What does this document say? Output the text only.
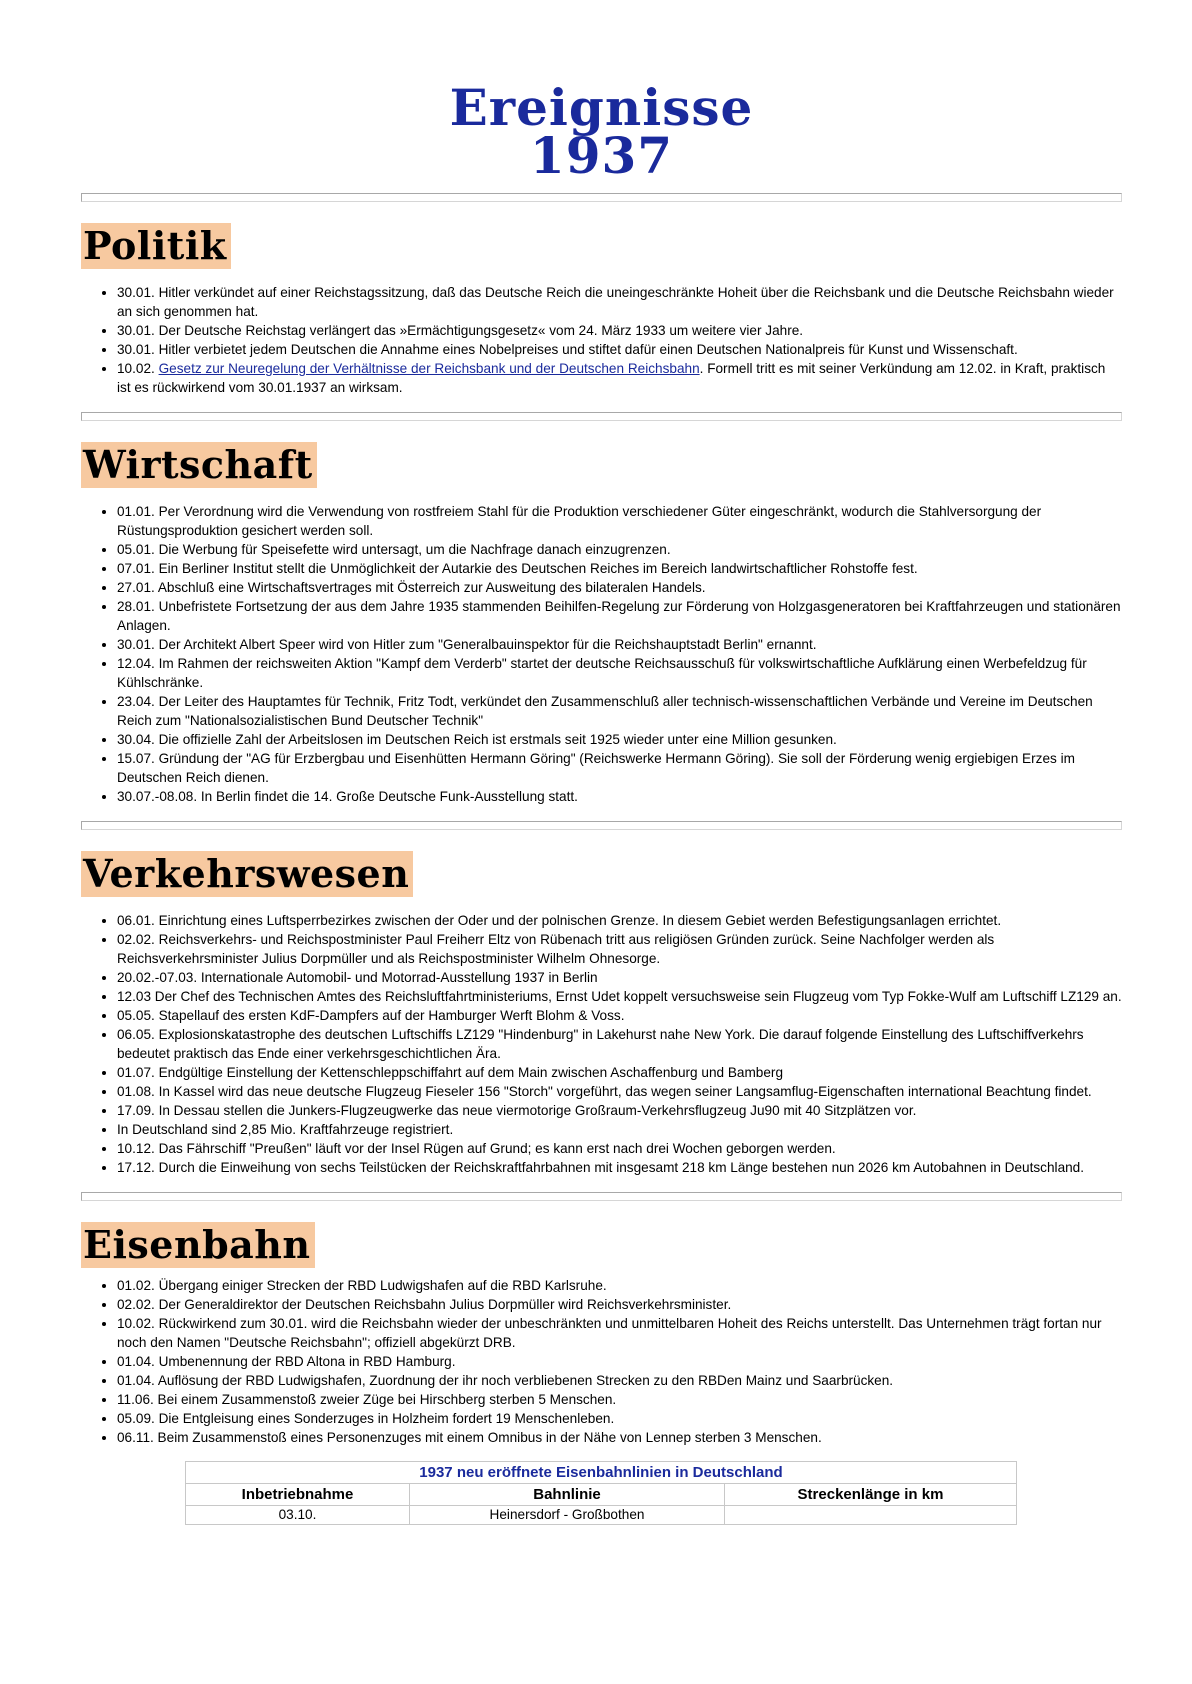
Ereignisse
1937
Politik
• 30.01. Hitler verkündet auf einer Reichstagssitzung, daß das Deutsche Reich die uneingeschränkte Hoheit über die Reichsbank und die Deutsche Reichsbahn wieder an sich genommen hat.
• 30.01. Der Deutsche Reichstag verlängert das »Ermächtigungsgesetz« vom 24. März 1933 um weitere vier Jahre.
• 30.01. Hitler verbietet jedem Deutschen die Annahme eines Nobelpreises und stiftet dafür einen Deutschen Nationalpreis für Kunst und Wissenschaft.
• 10.02. Gesetz zur Neuregelung der Verhältnisse der Reichsbank und der Deutschen Reichsbahn. Formell tritt es mit seiner Verkündung am 12.02. in Kraft, praktisch ist es rückwirkend vom 30.01.1937 an wirksam.
Wirtschaft
• 01.01. Per Verordnung wird die Verwendung von rostfreiem Stahl für die Produktion verschiedener Güter eingeschränkt, wodurch die Stahlversorgung der Rüstungsproduktion gesichert werden soll.
• 05.01. Die Werbung für Speisefette wird untersagt, um die Nachfrage danach einzugrenzen.
• 07.01. Ein Berliner Institut stellt die Unmöglichkeit der Autarkie des Deutschen Reiches im Bereich landwirtschaftlicher Rohstoffe fest.
• 27.01. Abschluß eine Wirtschaftsvertrages mit Österreich zur Ausweitung des bilateralen Handels.
• 28.01. Unbefristete Fortsetzung der aus dem Jahre 1935 stammenden Beihilfen-Regelung zur Förderung von Holzgasgeneratoren bei Kraftfahrzeugen und stationären Anlagen.
• 30.01. Der Architekt Albert Speer wird von Hitler zum "Generalbauinspektor für die Reichshauptstadt Berlin" ernannt.
• 12.04. Im Rahmen der reichsweiten Aktion "Kampf dem Verderb" startet der deutsche Reichsausschuß für volkswirtschaftliche Aufklärung einen Werbefeldzug für Kühlschränke.
• 23.04. Der Leiter des Hauptamtes für Technik, Fritz Todt, verkündet den Zusammenschluß aller technisch-wissenschaftlichen Verbände und Vereine im Deutschen Reich zum "Nationalsozialistischen Bund Deutscher Technik"
• 30.04. Die offizielle Zahl der Arbeitslosen im Deutschen Reich ist erstmals seit 1925 wieder unter eine Million gesunken.
• 15.07. Gründung der "AG für Erzbergbau und Eisenhütten Hermann Göring" (Reichswerke Hermann Göring). Sie soll der Förderung wenig ergiebigen Erzes im Deutschen Reich dienen.
• 30.07.-08.08. In Berlin findet die 14. Große Deutsche Funk-Ausstellung statt.
Verkehrswesen
• 06.01. Einrichtung eines Luftsperrbezirkes zwischen der Oder und der polnischen Grenze. In diesem Gebiet werden Befestigungsanlagen errichtet.
• 02.02. Reichsverkehrs- und Reichspostminister Paul Freiherr Eltz von Rübenach tritt aus religiösen Gründen zurück. Seine Nachfolger werden als Reichsverkehrsminister Julius Dorpmüller und als Reichspostminister Wilhelm Ohnesorge.
• 20.02.-07.03. Internationale Automobil- und Motorrad-Ausstellung 1937 in Berlin
• 12.03 Der Chef des Technischen Amtes des Reichsluftfahrtministeriums, Ernst Udet koppelt versuchsweise sein Flugzeug vom Typ Fokke-Wulf am Luftschiff LZ129 an.
• 05.05. Stapellauf des ersten KdF-Dampfers auf der Hamburger Werft Blohm & Voss.
• 06.05. Explosionskatastrophe des deutschen Luftschiffs LZ129 "Hindenburg" in Lakehurst nahe New York. Die darauf folgende Einstellung des Luftschiffverkehrs bedeutet praktisch das Ende einer verkehrsgeschichtlichen Ära.
• 01.07. Endgültige Einstellung der Kettenschleppschiffahrt auf dem Main zwischen Aschaffenburg und Bamberg
• 01.08. In Kassel wird das neue deutsche Flugzeug Fieseler 156 "Storch" vorgeführt, das wegen seiner Langsamflug-Eigenschaften international Beachtung findet.
• 17.09. In Dessau stellen die Junkers-Flugzeugwerke das neue viermotorige Großraum-Verkehrsflugzeug Ju90 mit 40 Sitzplätzen vor.
• In Deutschland sind 2,85 Mio. Kraftfahrzeuge registriert.
• 10.12. Das Fährschiff "Preußen" läuft vor der Insel Rügen auf Grund; es kann erst nach drei Wochen geborgen werden.
• 17.12. Durch die Einweihung von sechs Teilstücken der Reichskraftfahrbahnen mit insgesamt 218 km Länge bestehen nun 2026 km Autobahnen in Deutschland.
Eisenbahn
• 01.02. Übergang einiger Strecken der RBD Ludwigshafen auf die RBD Karlsruhe.
• 02.02. Der Generaldirektor der Deutschen Reichsbahn Julius Dorpmüller wird Reichsverkehrsminister.
• 10.02. Rückwirkend zum 30.01. wird die Reichsbahn wieder der unbeschränkten und unmittelbaren Hoheit des Reichs unterstellt. Das Unternehmen trägt fortan nur noch den Namen "Deutsche Reichsbahn"; offiziell abgekürzt DRB.
• 01.04. Umbenennung der RBD Altona in RBD Hamburg.
• 01.04. Auflösung der RBD Ludwigshafen, Zuordnung der ihr noch verbliebenen Strecken zu den RBDen Mainz und Saarbrücken.
• 11.06. Bei einem Zusammenstoß zweier Züge bei Hirschberg sterben 5 Menschen.
• 05.09. Die Entgleisung eines Sonderzuges in Holzheim fordert 19 Menschenleben.
• 06.11. Beim Zusammenstoß eines Personenzuges mit einem Omnibus in der Nähe von Lennep sterben 3 Menschen.
1937 neu eröffnete Eisenbahnlinien in Deutschland		
Inbetriebnahme	Bahnlinie	Streckenlänge in km
03.10.	Heinersdorf - Großbothen	
